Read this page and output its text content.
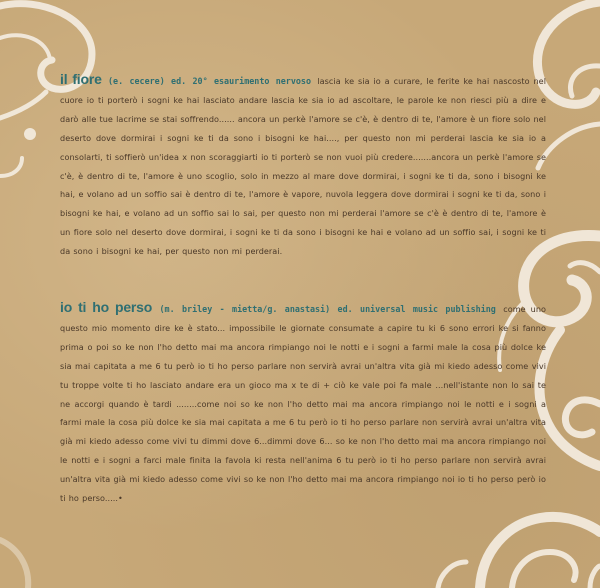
il fiore (e. cecere) ed. 20° esaurimento nervoso lascia ke sia io a curare, le ferite ke hai nascosto nel cuore io ti porterò i sogni ke hai lasciato andare lascia ke sia io ad ascoltare, le parole ke non riesci più a dire e darò alle tue lacrime se stai soffrendo...... ancora un perkè l'amore se c'è, è dentro di te, l'amore è un fiore solo nel deserto dove dormirai i sogni ke ti da sono i bisogni ke hai...., per questo non mi perderai lascia ke sia io a consolarti, ti soffierò un'idea x non scoraggiarti io ti porterò se non vuoi più credere.......ancora un perkè l'amore se c'è, è dentro di te, l'amore è uno scoglio, solo in mezzo al mare dove dormirai, i sogni ke ti da, sono i bisogni ke hai, e volano ad un soffio sai è dentro di te, l'amore è vapore, nuvola leggera dove dormirai i sogni ke ti da, sono i bisogni ke hai, e volano ad un soffio sai lo sai, per questo non mi perderai l'amore se c'è è dentro di te, l'amore è un fiore solo nel deserto dove dormirai, i sogni ke ti da sono i bisogni ke hai e volano ad un soffio sai, i sogni ke ti da sono i bisogni ke hai, per questo non mi perderai.

io ti ho perso (m. briley - mietta/g. anastasi) ed. universal music publishing come uno questo mio momento dire ke è stato... impossibile le giornate consumate a capire tu ki 6 sono errori ke si fanno prima o poi so ke non l'ho detto mai ma ancora rimpiango noi le notti e i sogni a farmi male la cosa più dolce ke sia mai capitata a me 6 tu però io ti ho perso parlare non servirà avrai un'altra vita già mi kiedo adesso come vivi tu troppe volte ti ho lasciato andare era un gioco ma x te di + ciò ke vale poi fa male ...nell'istante non lo sai te ne accorgi quando è tardi ........come noi so ke non l'ho detto mai ma ancora rimpiango noi le notti e i sogni a farmi male la cosa più dolce ke sia mai capitata a me 6 tu però io ti ho perso parlare non servirà avrai un'altra vita già mi kiedo adesso come vivi tu dimmi dove 6...dimmi dove 6... so ke non l'ho detto mai ma ancora rimpiango noi le notti e i sogni a farci male finita la favola ki resta nell'anima 6 tu però io ti ho perso parlare non servirà avrai un'altra vita già mi kiedo adesso come vivi so ke non l'ho detto mai ma ancora rimpiango noi io ti ho perso però io ti ho perso.....•
